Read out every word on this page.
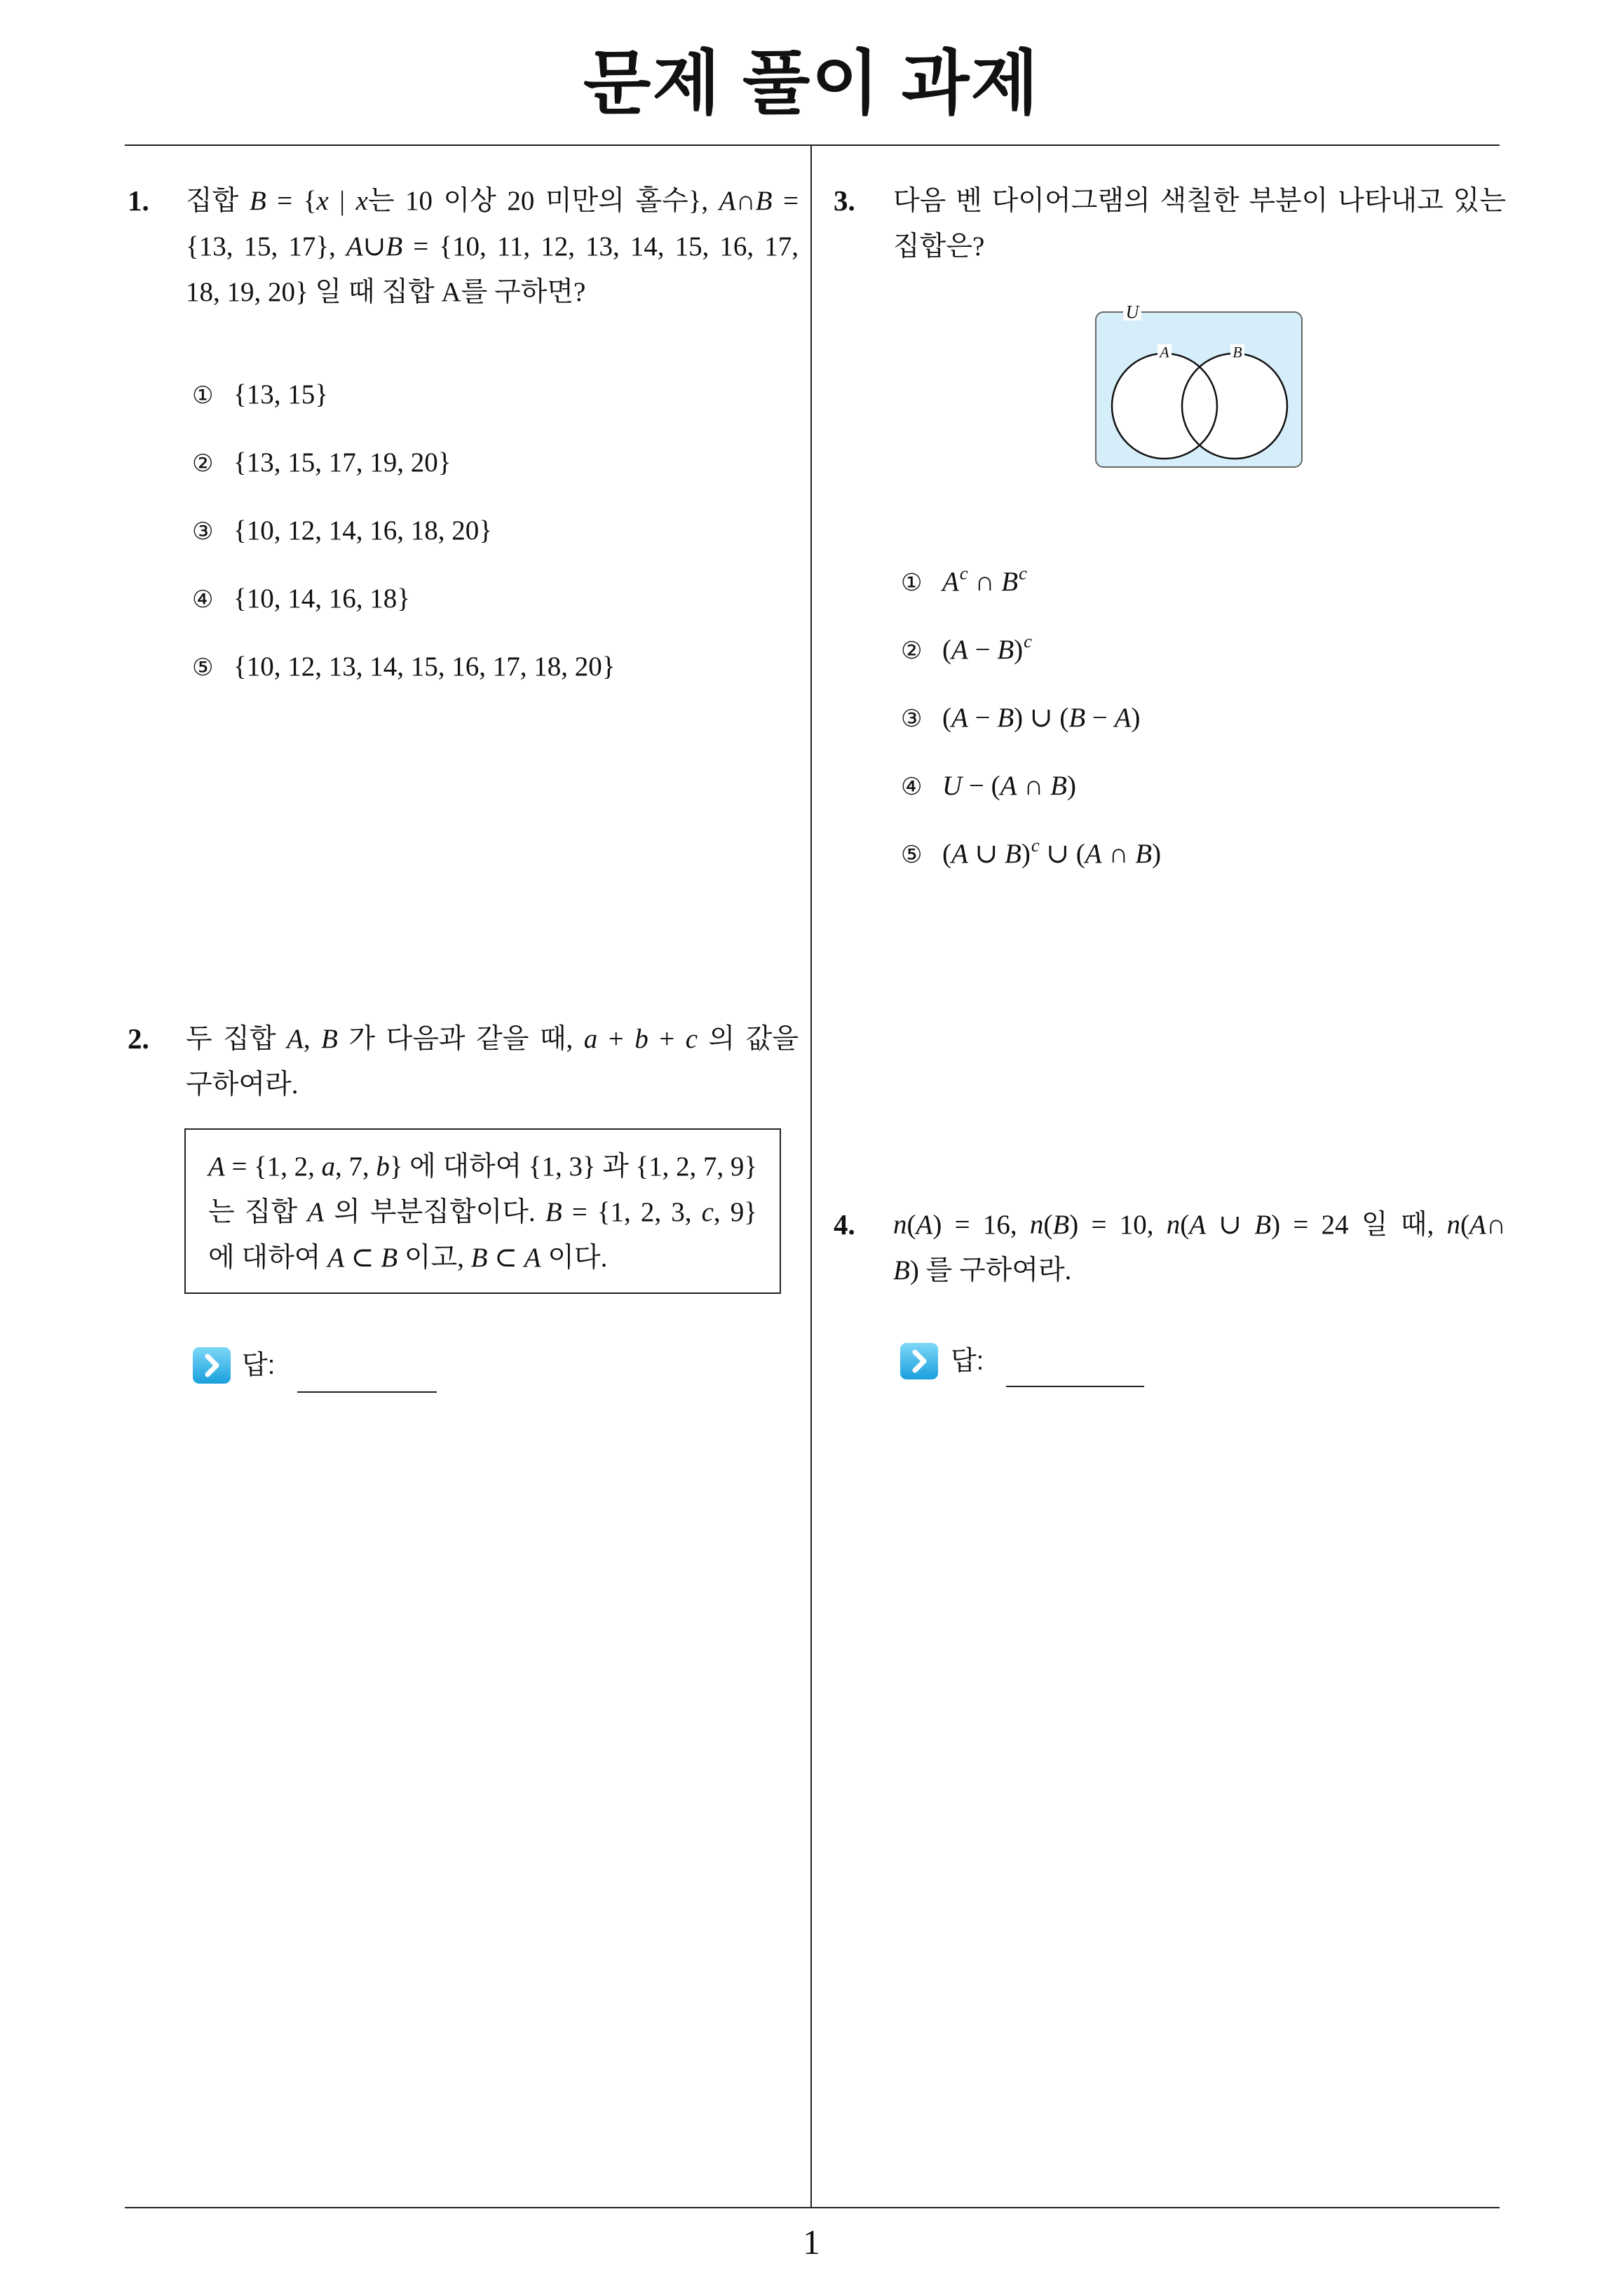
문제 풀이 과제
1
1. 집합 B = {x | x는 10 이상 20 미만의 홀수}, A∩B =
{13, 15, 17}, A∪B = {10, 11, 12, 13, 14, 15, 16, 17,
18, 19, 20} 일 때 집합 A를 구하면?
① {13, 15}
② {13, 15, 17, 19, 20}
③ {10, 12, 14, 16, 18, 20}
④ {10, 14, 16, 18}
⑤ {10, 12, 13, 14, 15, 16, 17, 18, 20}
2. 두 집합 A, B 가 다음과 같을 때, a + b + c 의 값을
구하여라.
A = {1, 2, a, 7, b} 에 대하여 {1, 3} 과 {1, 2, 7, 9}
는 집합 A 의 부분집합이다. B = {1, 2, 3, c, 9}
에 대하여 A ⊂ B 이고, B ⊂ A 이다.
답:
3. 다음 벤 다이어그램의 색칠한 부분이 나타내고 있는
집합은?
U
A	B
① $A^c$ ∩ $B^c$
② $(A - B)^c$
③ (A − B) ∪ (B − A)
④ U − (A ∩ B)
⑤ (A ∪ B)$^c$ ∪ (A ∩ B)
4. n(A) = 16, n(B) = 10, n(A ∪ B) = 24 일 때, n(A∩
B) 를 구하여라.
답:
